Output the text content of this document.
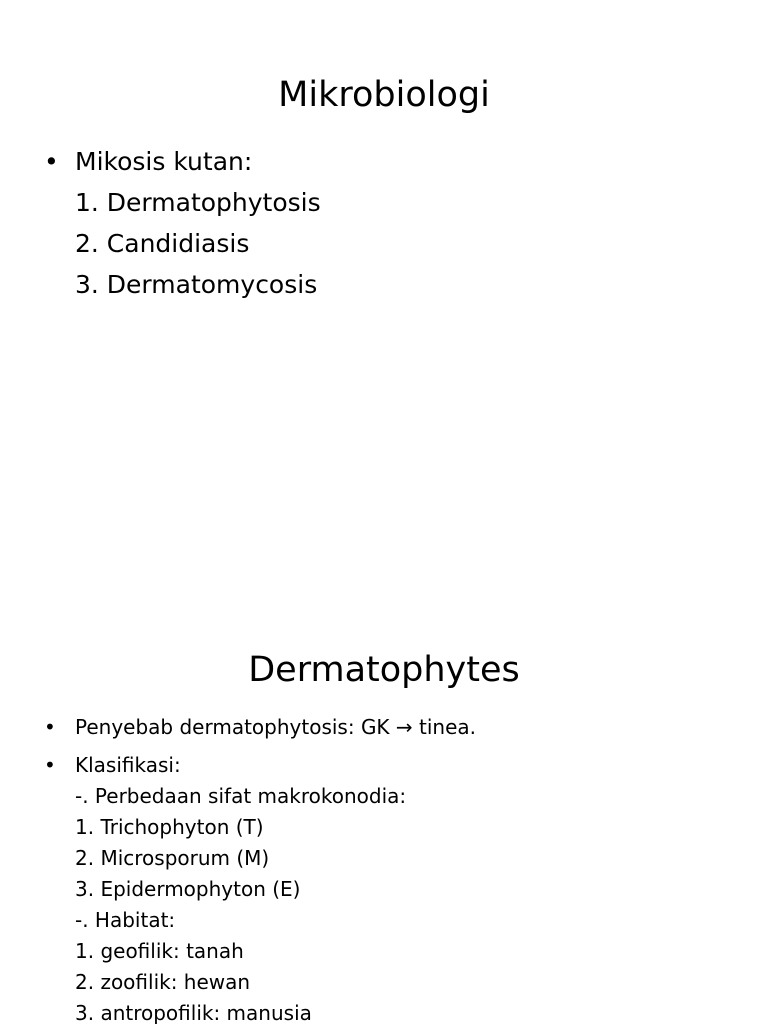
Mikrobiologi
• Mikosis kutan:
1. Dermatophytosis
2. Candidiasis
3. Dermatomycosis
Dermatophytes
• Penyebab dermatophytosis: GK → tinea.
• Klasifikasi:
-. Perbedaan sifat makrokonodia:
1. Trichophyton (T)
2. Microsporum (M)
3. Epidermophyton (E)
-. Habitat:
1. geofilik: tanah
2. zoofilik: hewan
3. antropofilik: manusia
